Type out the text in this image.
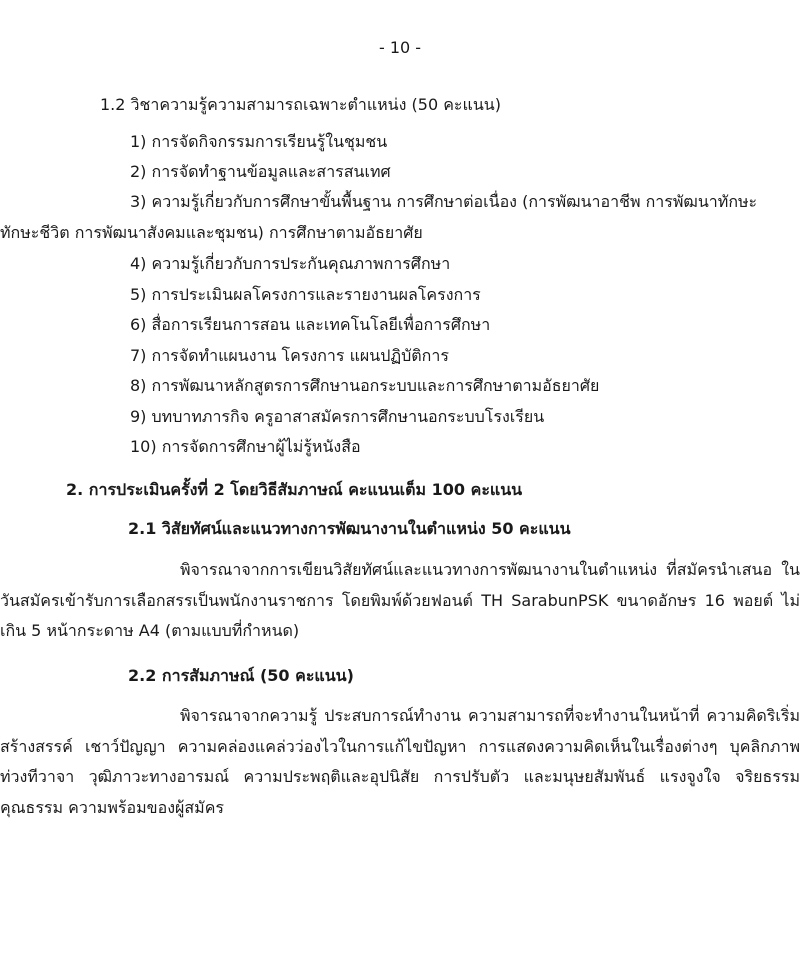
- 10 -
1.2 วิชาความรู้ความสามารถเฉพาะตำแหน่ง (50 คะแนน)
1) การจัดกิจกรรมการเรียนรู้ในชุมชน
2) การจัดทำฐานข้อมูลและสารสนเทศ
3) ความรู้เกี่ยวกับการศึกษาขั้นพื้นฐาน การศึกษาต่อเนื่อง (การพัฒนาอาชีพ การพัฒนาทักษะ
ทักษะชีวิต การพัฒนาสังคมและชุมชน) การศึกษาตามอัธยาศัย
4) ความรู้เกี่ยวกับการประกันคุณภาพการศึกษา
5) การประเมินผลโครงการและรายงานผลโครงการ
6) สื่อการเรียนการสอน และเทคโนโลยีเพื่อการศึกษา
7) การจัดทำแผนงาน โครงการ แผนปฏิบัติการ
8) การพัฒนาหลักสูตรการศึกษานอกระบบและการศึกษาตามอัธยาศัย
9) บทบาทภารกิจ ครูอาสาสมัครการศึกษานอกระบบโรงเรียน
10) การจัดการศึกษาผู้ไม่รู้หนังสือ
2. การประเมินครั้งที่ 2 โดยวิธีสัมภาษณ์ คะแนนเต็ม 100 คะแนน
2.1 วิสัยทัศน์และแนวทางการพัฒนางานในตำแหน่ง 50 คะแนน
พิจารณาจากการเขียนวิสัยทัศน์และแนวทางการพัฒนางานในตำแหน่ง ที่สมัครนำเสนอ ในวันสมัครเข้ารับการเลือกสรรเป็นพนักงานราชการ โดยพิมพ์ด้วยฟอนต์ TH SarabunPSK ขนาดอักษร 16 พอยต์ ไม่เกิน 5 หน้ากระดาษ A4 (ตามแบบที่กำหนด)
2.2 การสัมภาษณ์ (50 คะแนน)
พิจารณาจากความรู้ ประสบการณ์ทำงาน ความสามารถที่จะทำงานในหน้าที่ ความคิดริเริ่มสร้างสรรค์ เชาว์ปัญญา ความคล่องแคล่วว่องไวในการแก้ไขปัญหา การแสดงความคิดเห็นในเรื่องต่างๆ บุคลิกภาพ ท่วงทีวาจา วุฒิภาวะทางอารมณ์ ความประพฤติและอุปนิสัย การปรับตัว และมนุษยสัมพันธ์ แรงจูงใจ จริยธรรม คุณธรรม ความพร้อมของผู้สมัคร
